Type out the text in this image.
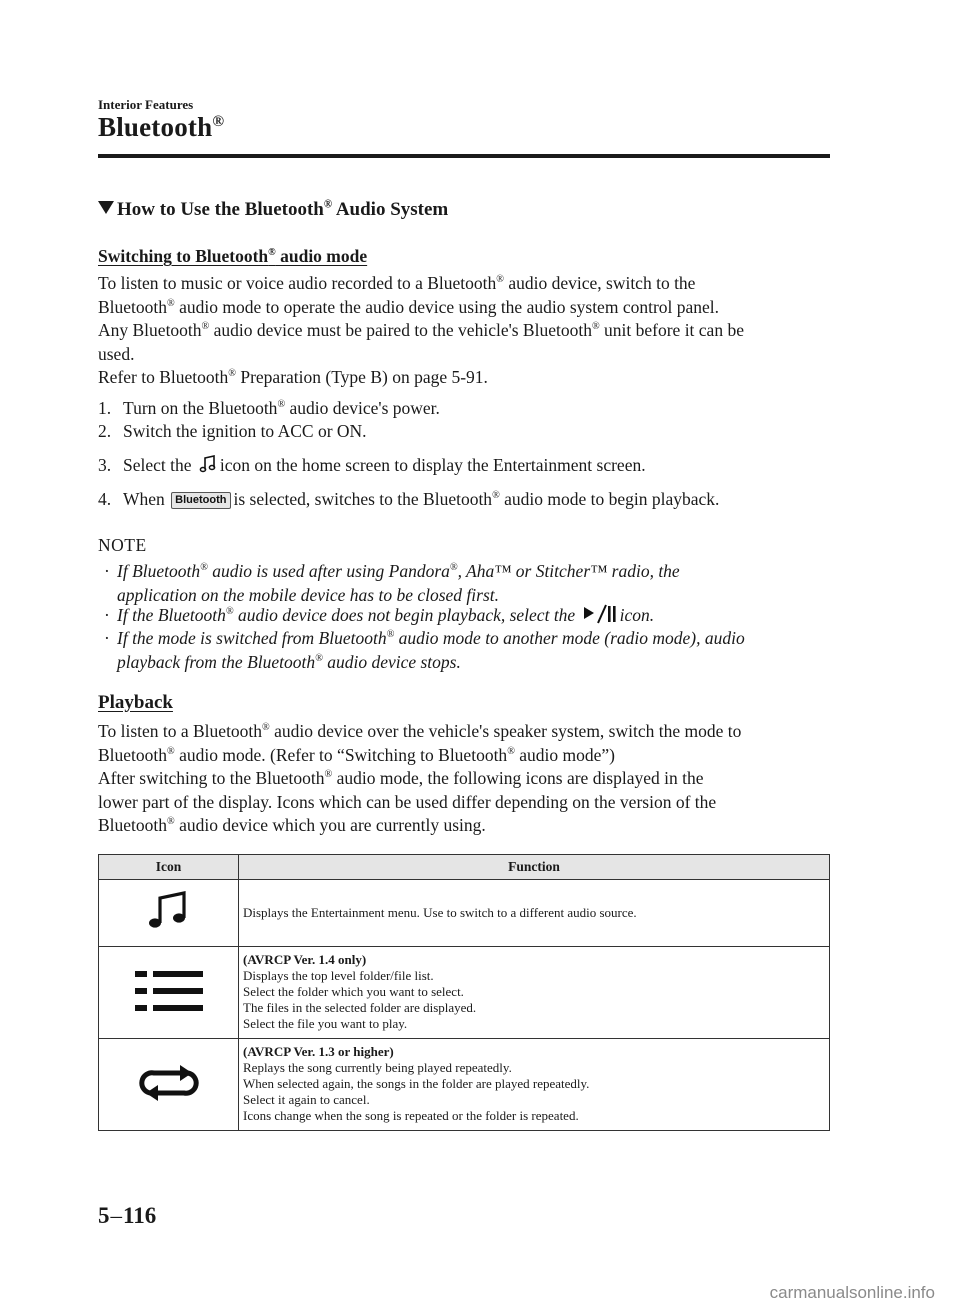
Interior Features
Bluetooth®
How to Use the Bluetooth® Audio System
Switching to Bluetooth® audio mode

To listen to music or voice audio recorded to a Bluetooth® audio device, switch to the

Bluetooth® audio mode to operate the audio device using the audio system control panel.

Any Bluetooth® audio device must be paired to the vehicle's Bluetooth® unit before it can be

used.

Refer to Bluetooth® Preparation (Type B) on page 5-91.

1. Turn on the Bluetooth® audio device's power.
2. Switch the ignition to ACC or ON.
3. Select the icon on the home screen to display the Entertainment screen.
4. When Bluetooth is selected, switches to the Bluetooth® audio mode to begin playback.
NOTE
· If Bluetooth® audio is used after using Pandora®, Aha™ or Stitcher™ radio, the
application on the mobile device has to be closed first.
· If the Bluetooth® audio device does not begin playback, select the	icon.
· If the mode is switched from Bluetooth® audio mode to another mode (radio mode), audio
playback from the Bluetooth® audio device stops.
Playback

To listen to a Bluetooth® audio device over the vehicle's speaker system, switch the mode to

Bluetooth® audio mode. (Refer to “Switching to Bluetooth® audio mode”)

After switching to the Bluetooth® audio mode, the following icons are displayed in the

lower part of the display. Icons which can be used differ depending on the version of the

Bluetooth® audio device which you are currently using.

Icon	Function

Displays the Entertainment menu. Use to switch to a different audio source.

(AVRCP Ver. 1.4 only)
Displays the top level folder/file list.
Select the folder which you want to select.
The files in the selected folder are displayed.
Select the file you want to play.

(AVRCP Ver. 1.3 or higher)
Replays the song currently being played repeatedly.
When selected again, the songs in the folder are played repeatedly.
Select it again to cancel.
Icons change when the song is repeated or the folder is repeated.
5–116
carmanualsonline.info
